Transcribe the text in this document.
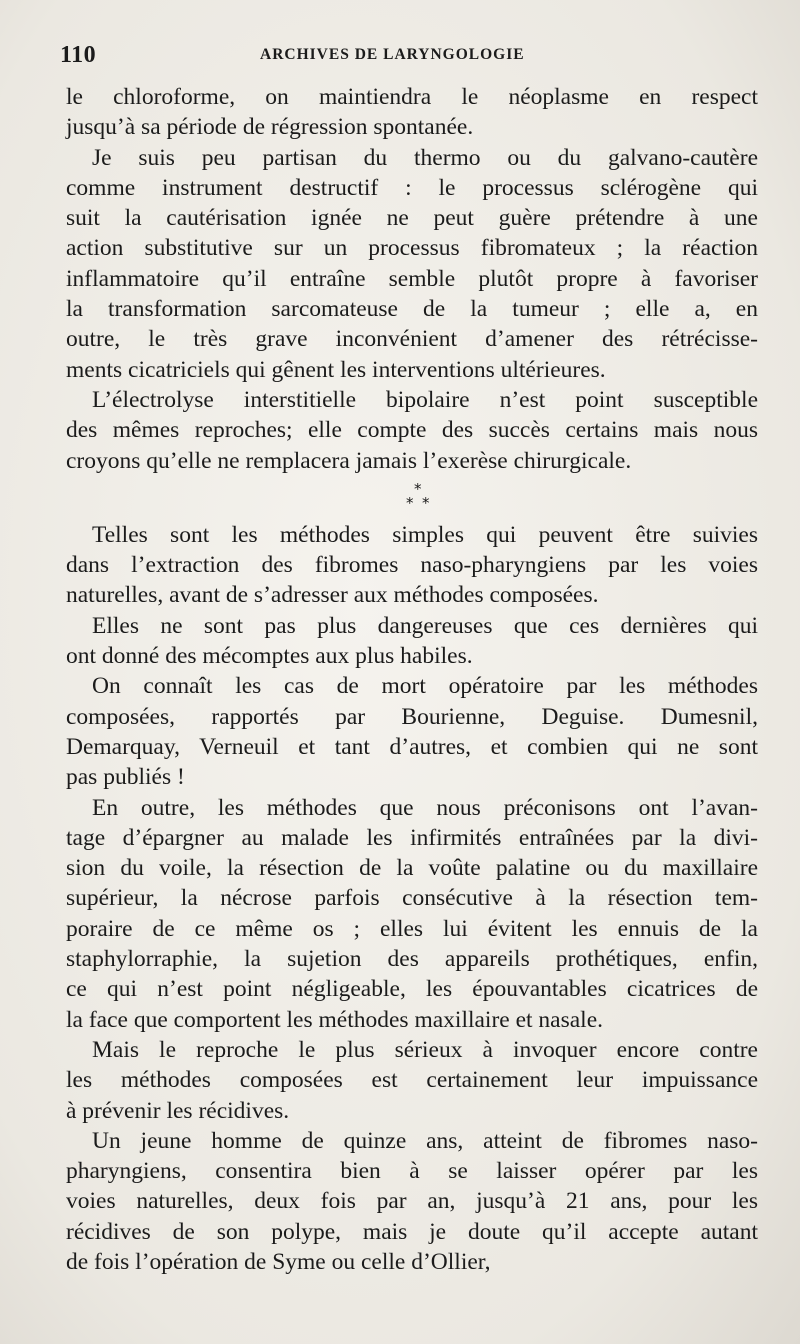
110	ARCHIVES DE LARYNGOLOGIE
le chloroforme, on maintiendra le néoplasme en respect
jusqu’à sa période de régression spontanée.
Je suis peu partisan du thermo ou du galvano-cautère
comme instrument destructif : le processus sclérogène qui
suit la cautérisation ignée ne peut guère prétendre à une
action substitutive sur un processus fibromateux ; la réaction
inflammatoire qu’il entraîne semble plutôt propre à favoriser
la transformation sarcomateuse de la tumeur ; elle a, en
outre, le très grave inconvénient d’amener des rétrécisse-
ments cicatriciels qui gênent les interventions ultérieures.
L’électrolyse interstitielle bipolaire n’est point susceptible
des mêmes reproches; elle compte des succès certains mais nous
croyons qu’elle ne remplacera jamais l’exerèse chirurgicale.
*
* *
Telles sont les méthodes simples qui peuvent être suivies
dans l’extraction des fibromes naso-pharyngiens par les voies
naturelles, avant de s’adresser aux méthodes composées.
Elles ne sont pas plus dangereuses que ces dernières qui
ont donné des mécomptes aux plus habiles.
On connaît les cas de mort opératoire par les méthodes
composées, rapportés par Bourienne, Deguise. Dumesnil,
Demarquay, Verneuil et tant d’autres, et combien qui ne sont
pas publiés !
En outre, les méthodes que nous préconisons ont l’avan-
tage d’épargner au malade les infirmités entraînées par la divi-
sion du voile, la résection de la voûte palatine ou du maxillaire
supérieur, la nécrose parfois consécutive à la résection tem-
poraire de ce même os ; elles lui évitent les ennuis de la
staphylorraphie, la sujetion des appareils prothétiques, enfin,
ce qui n’est point négligeable, les épouvantables cicatrices de
la face que comportent les méthodes maxillaire et nasale.
Mais le reproche le plus sérieux à invoquer encore contre
les méthodes composées est certainement leur impuissance
à prévenir les récidives.
Un jeune homme de quinze ans, atteint de fibromes naso-
pharyngiens, consentira bien à se laisser opérer par les
voies naturelles, deux fois par an, jusqu’à 21 ans, pour les
récidives de son polype, mais je doute qu’il accepte autant
de fois l’opération de Syme ou celle d’Ollier,
